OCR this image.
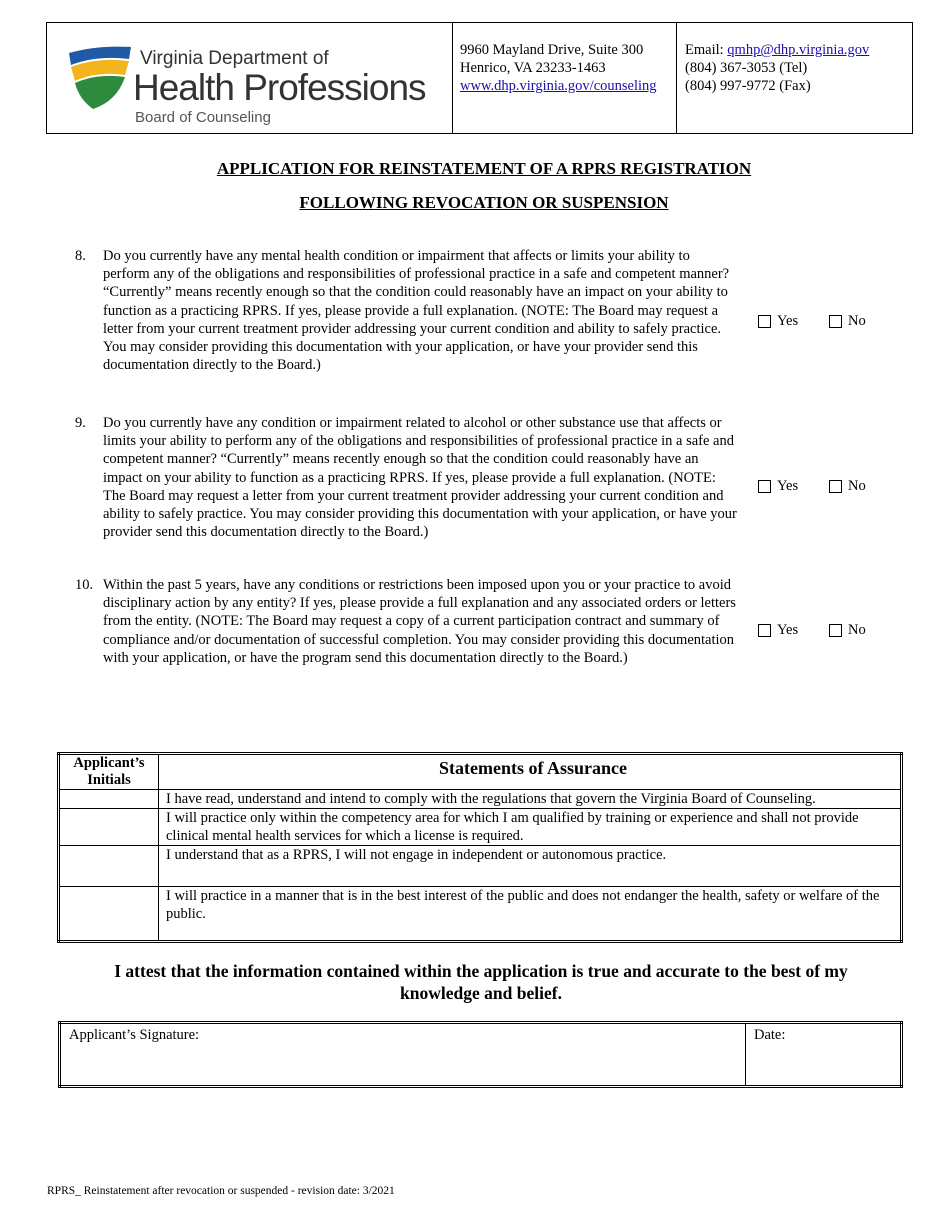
Virginia Department of
Health Professions
Board of Counseling
9960 Mayland Drive, Suite 300
Henrico, VA 23233-1463
www.dhp.virginia.gov/counseling
Email: qmhp@dhp.virginia.gov
(804) 367-3053 (Tel)
(804) 997-9772 (Fax)
APPLICATION FOR REINSTATEMENT OF A RPRS REGISTRATION
FOLLOWING REVOCATION OR SUSPENSION
8. Do you currently have any mental health condition or impairment that affects or limits your ability to perform any of the obligations and responsibilities of professional practice in a safe and competent manner? “Currently” means recently enough so that the condition could reasonably have an impact on your ability to function as a practicing RPRS. If yes, please provide a full explanation. (NOTE: The Board may request a letter from your current treatment provider addressing your current condition and ability to safely practice. You may consider providing this documentation with your application, or have your provider send this documentation directly to the Board.)
Yes	No
9. Do you currently have any condition or impairment related to alcohol or other substance use that affects or limits your ability to perform any of the obligations and responsibilities of professional practice in a safe and competent manner? “Currently” means recently enough so that the condition could reasonably have an impact on your ability to function as a practicing RPRS. If yes, please provide a full explanation. (NOTE: The Board may request a letter from your current treatment provider addressing your current condition and ability to safely practice. You may consider providing this documentation with your application, or have your provider send this documentation directly to the Board.)
Yes	No
10. Within the past 5 years, have any conditions or restrictions been imposed upon you or your practice to avoid disciplinary action by any entity? If yes, please provide a full explanation and any associated orders or letters from the entity. (NOTE: The Board may request a copy of a current participation contract and summary of compliance and/or documentation of successful completion. You may consider providing this documentation with your application, or have the program send this documentation directly to the Board.)
Yes	No
Applicant’s Initials	Statements of Assurance
	I have read, understand and intend to comply with the regulations that govern the Virginia Board of Counseling.
	I will practice only within the competency area for which I am qualified by training or experience and shall not provide clinical mental health services for which a license is required.
	I understand that as a RPRS, I will not engage in independent or autonomous practice.
	I will practice in a manner that is in the best interest of the public and does not endanger the health, safety or welfare of the public.
I attest that the information contained within the application is true and accurate to the best of my knowledge and belief.
Applicant’s Signature:	Date:
RPRS_ Reinstatement after revocation or suspended - revision date: 3/2021
